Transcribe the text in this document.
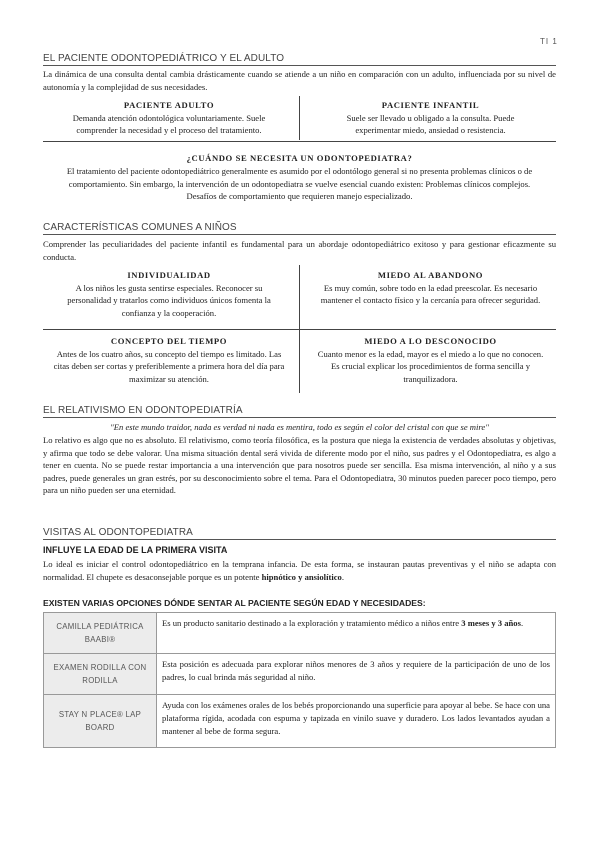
TI 1
EL PACIENTE ODONTOPEDIÁTRICO Y EL ADULTO
La dinámica de una consulta dental cambia drásticamente cuando se atiende a un niño en comparación con un adulto, influenciada por su nivel de autonomía y la complejidad de sus necesidades.
PACIENTE ADULTO
Demanda atención odontológica voluntariamente. Suele comprender la necesidad y el proceso del tratamiento.
PACIENTE INFANTIL
Suele ser llevado u obligado a la consulta. Puede experimentar miedo, ansiedad o resistencia.
¿CUÁNDO SE NECESITA UN ODONTOPEDIATRA?
El tratamiento del paciente odontopediátrico generalmente es asumido por el odontólogo general si no presenta problemas clínicos o de comportamiento. Sin embargo, la intervención de un odontopediatra se vuelve esencial cuando existen: Problemas clínicos complejos. Desafíos de comportamiento que requieren manejo especializado.
CARACTERÍSTICAS COMUNES A NIÑOS
Comprender las peculiaridades del paciente infantil es fundamental para un abordaje odontopediátrico exitoso y para gestionar eficazmente su conducta.
INDIVIDUALIDAD
A los niños les gusta sentirse especiales. Reconocer su personalidad y tratarlos como individuos únicos fomenta la confianza y la cooperación.
MIEDO AL ABANDONO
Es muy común, sobre todo en la edad preescolar. Es necesario mantener el contacto físico y la cercanía para ofrecer seguridad.
CONCEPTO DEL TIEMPO
Antes de los cuatro años, su concepto del tiempo es limitado. Las citas deben ser cortas y preferiblemente a primera hora del día para maximizar su atención.
MIEDO A LO DESCONOCIDO
Cuanto menor es la edad, mayor es el miedo a lo que no conocen. Es crucial explicar los procedimientos de forma sencilla y tranquilizadora.
EL RELATIVISMO EN ODONTOPEDIATRÍA
"En este mundo traidor, nada es verdad ni nada es mentira, todo es según el color del cristal con que se mire"
Lo relativo es algo que no es absoluto. El relativismo, como teoría filosófica, es la postura que niega la existencia de verdades absolutas y objetivas, y afirma que todo se debe valorar. Una misma situación dental será vivida de diferente modo por el niño, sus padres y el Odontopediatra, es algo a tener en cuenta. No se puede restar importancia a una intervención que para nosotros puede ser sencilla. Esa misma intervención, al niño y a sus padres, puede generales un gran estrés, por su desconocimiento sobre el tema. Para el Odontopediatra, 30 minutos pueden parecer poco tiempo, pero para un niño pueden ser una eternidad.
VISITAS AL ODONTOPEDIATRA
INFLUYE LA EDAD DE LA PRIMERA VISITA
Lo ideal es iniciar el control odontopediátrico en la temprana infancia. De esta forma, se instauran pautas preventivas y el niño se adapta con normalidad. El chupete es desaconsejable porque es un potente hipnótico y ansiolítico.
EXISTEN VARIAS OPCIONES DÓNDE SENTAR AL PACIENTE SEGÚN EDAD Y NECESIDADES:
CAMILLA PEDIÁTRICA BAABI®	Es un producto sanitario destinado a la exploración y tratamiento médico a niños entre 3 meses y 3 años.
EXAMEN RODILLA CON RODILLA	Esta posición es adecuada para explorar niños menores de 3 años y requiere de la participación de uno de los padres, lo cual brinda más seguridad al niño.
STAY N PLACE® LAP BOARD	Ayuda con los exámenes orales de los bebés proporcionando una superficie para apoyar al bebe. Se hace con una plataforma rígida, acodada con espuma y tapizada en vinilo suave y duradero. Los lados levantados ayudan a mantener al bebe de forma segura.
